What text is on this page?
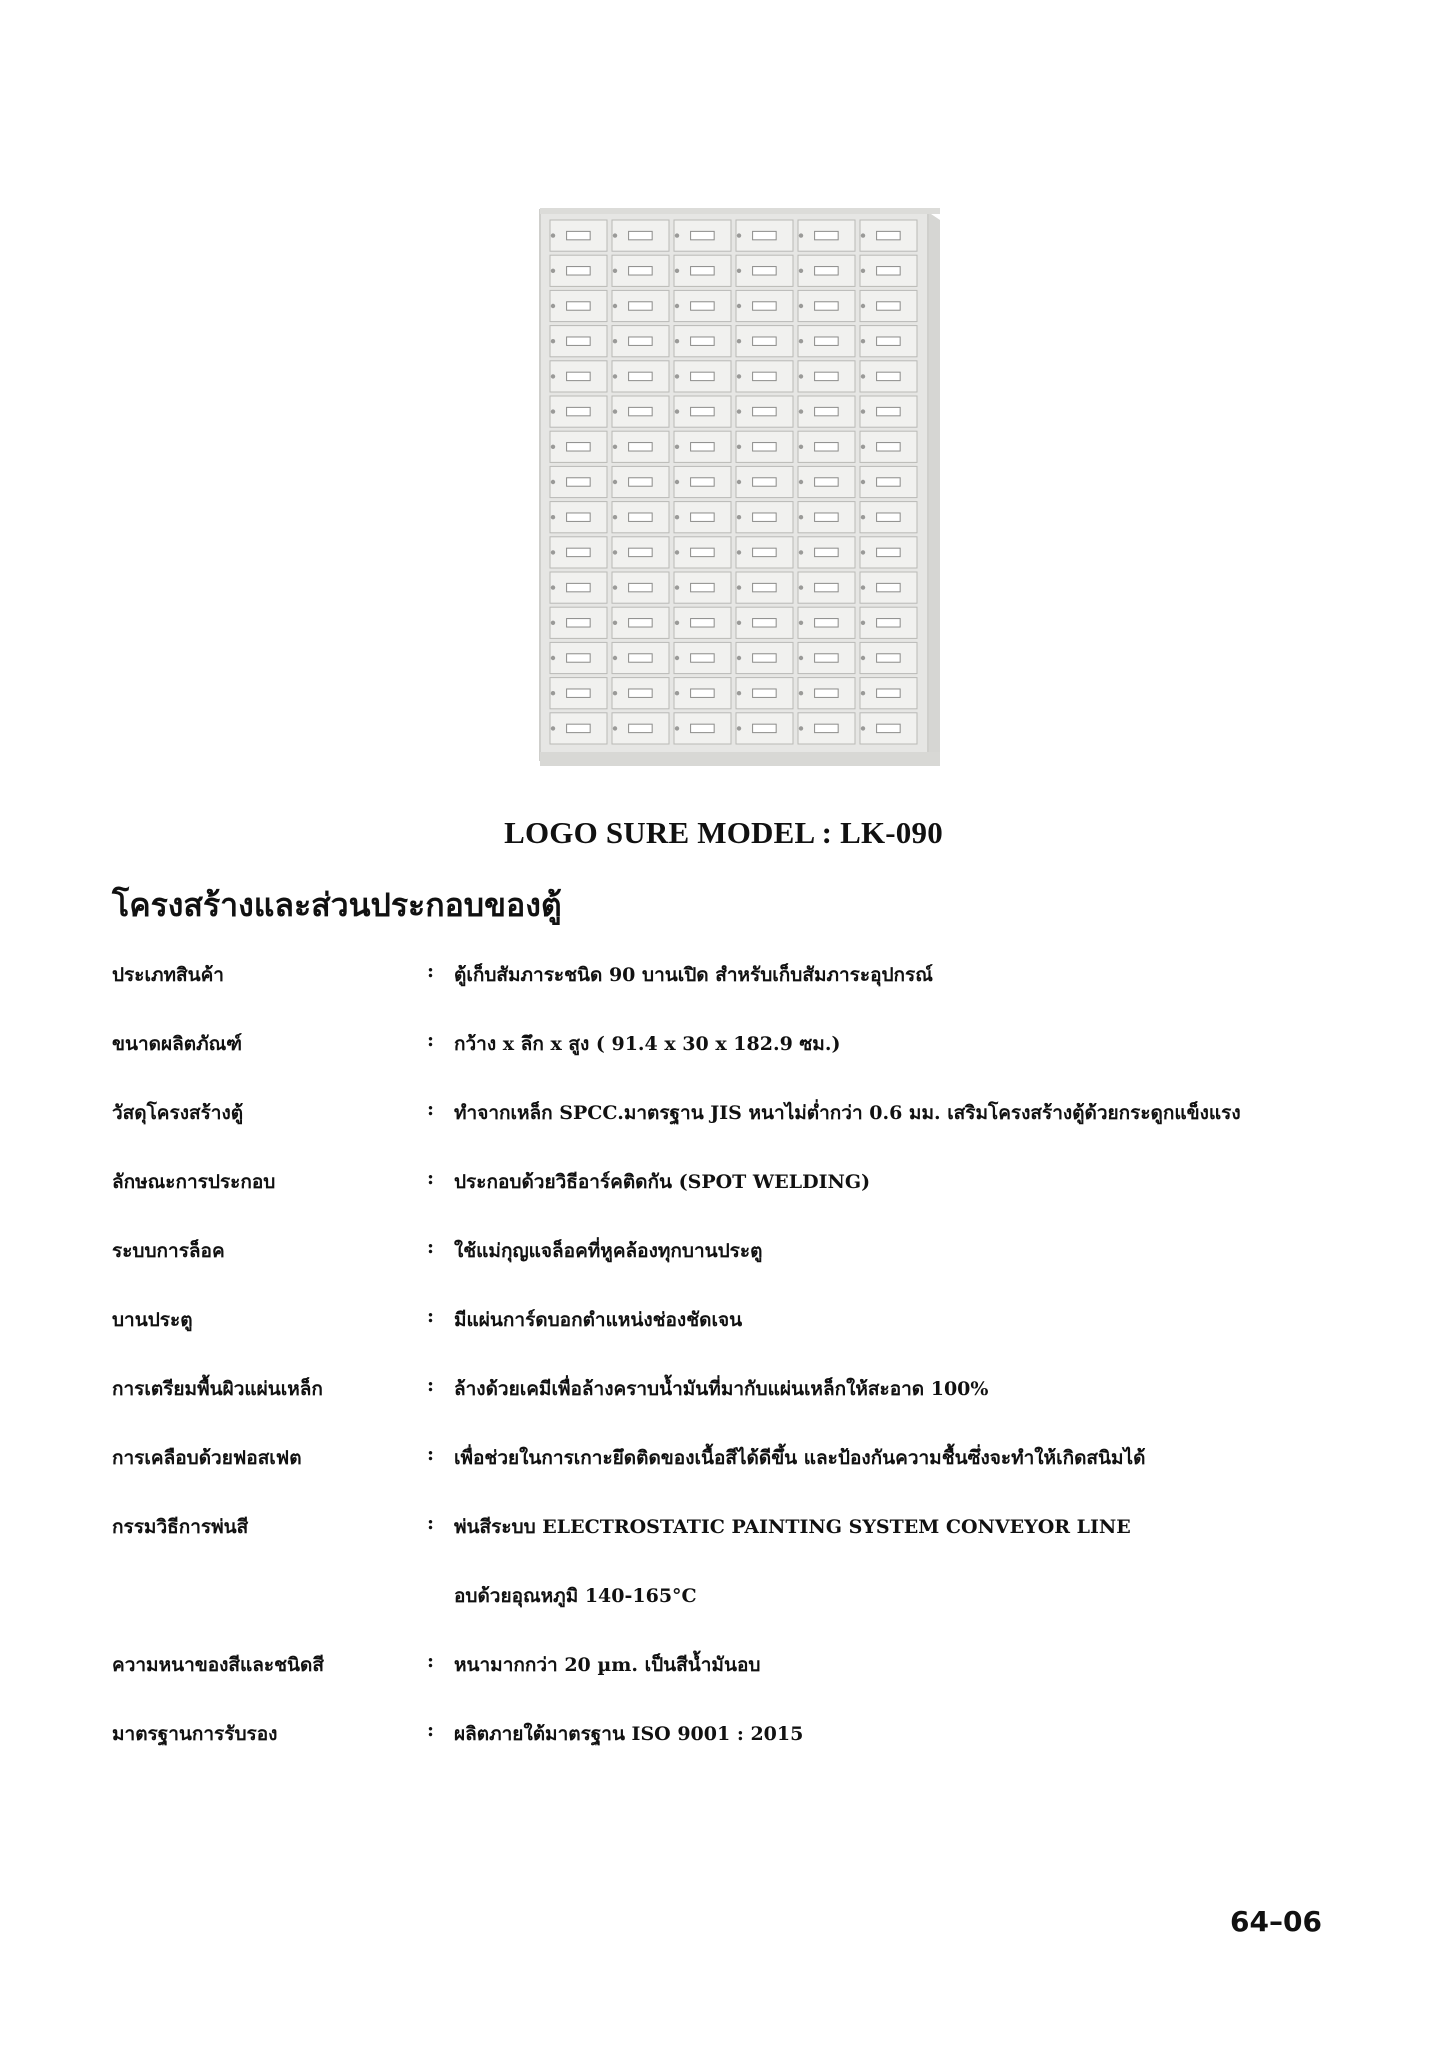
LOGO SURE MODEL : LK-090
โครงสร้างและส่วนประกอบของตู้
ประเภทสินค้า	: ตู้เก็บสัมภาระชนิด 90 บานเปิด สำหรับเก็บสัมภาระอุปกรณ์
ขนาดผลิตภัณฑ์	: กว้าง x ลึก x สูง ( 91.4 x 30 x 182.9 ซม.)
วัสดุโครงสร้างตู้	: ทำจากเหล็ก SPCC.มาตรฐาน JIS หนาไม่ต่ำกว่า 0.6 มม. เสริมโครงสร้างตู้ด้วยกระดูกแข็งแรง
ลักษณะการประกอบ	: ประกอบด้วยวิธีอาร์คติดกัน (SPOT WELDING)
ระบบการล็อค	: ใช้แม่กุญแจล็อคที่หูคล้องทุกบานประตู
บานประตู	: มีแผ่นการ์ดบอกตำแหน่งช่องชัดเจน
การเตรียมพื้นผิวแผ่นเหล็ก	: ล้างด้วยเคมีเพื่อล้างคราบน้ำมันที่มากับแผ่นเหล็กให้สะอาด 100%
การเคลือบด้วยฟอสเฟต	: เพื่อช่วยในการเกาะยึดติดของเนื้อสีได้ดีขึ้น และป้องกันความชื้นซึ่งจะทำให้เกิดสนิมได้
กรรมวิธีการพ่นสี	: พ่นสีระบบ ELECTROSTATIC PAINTING SYSTEM CONVEYOR LINE
อบด้วยอุณหภูมิ 140-165°C
ความหนาของสีและชนิดสี	: หนามากกว่า 20 µm. เป็นสีน้ำมันอบ
มาตรฐานการรับรอง	: ผลิตภายใต้มาตรฐาน ISO 9001 : 2015
64–06
